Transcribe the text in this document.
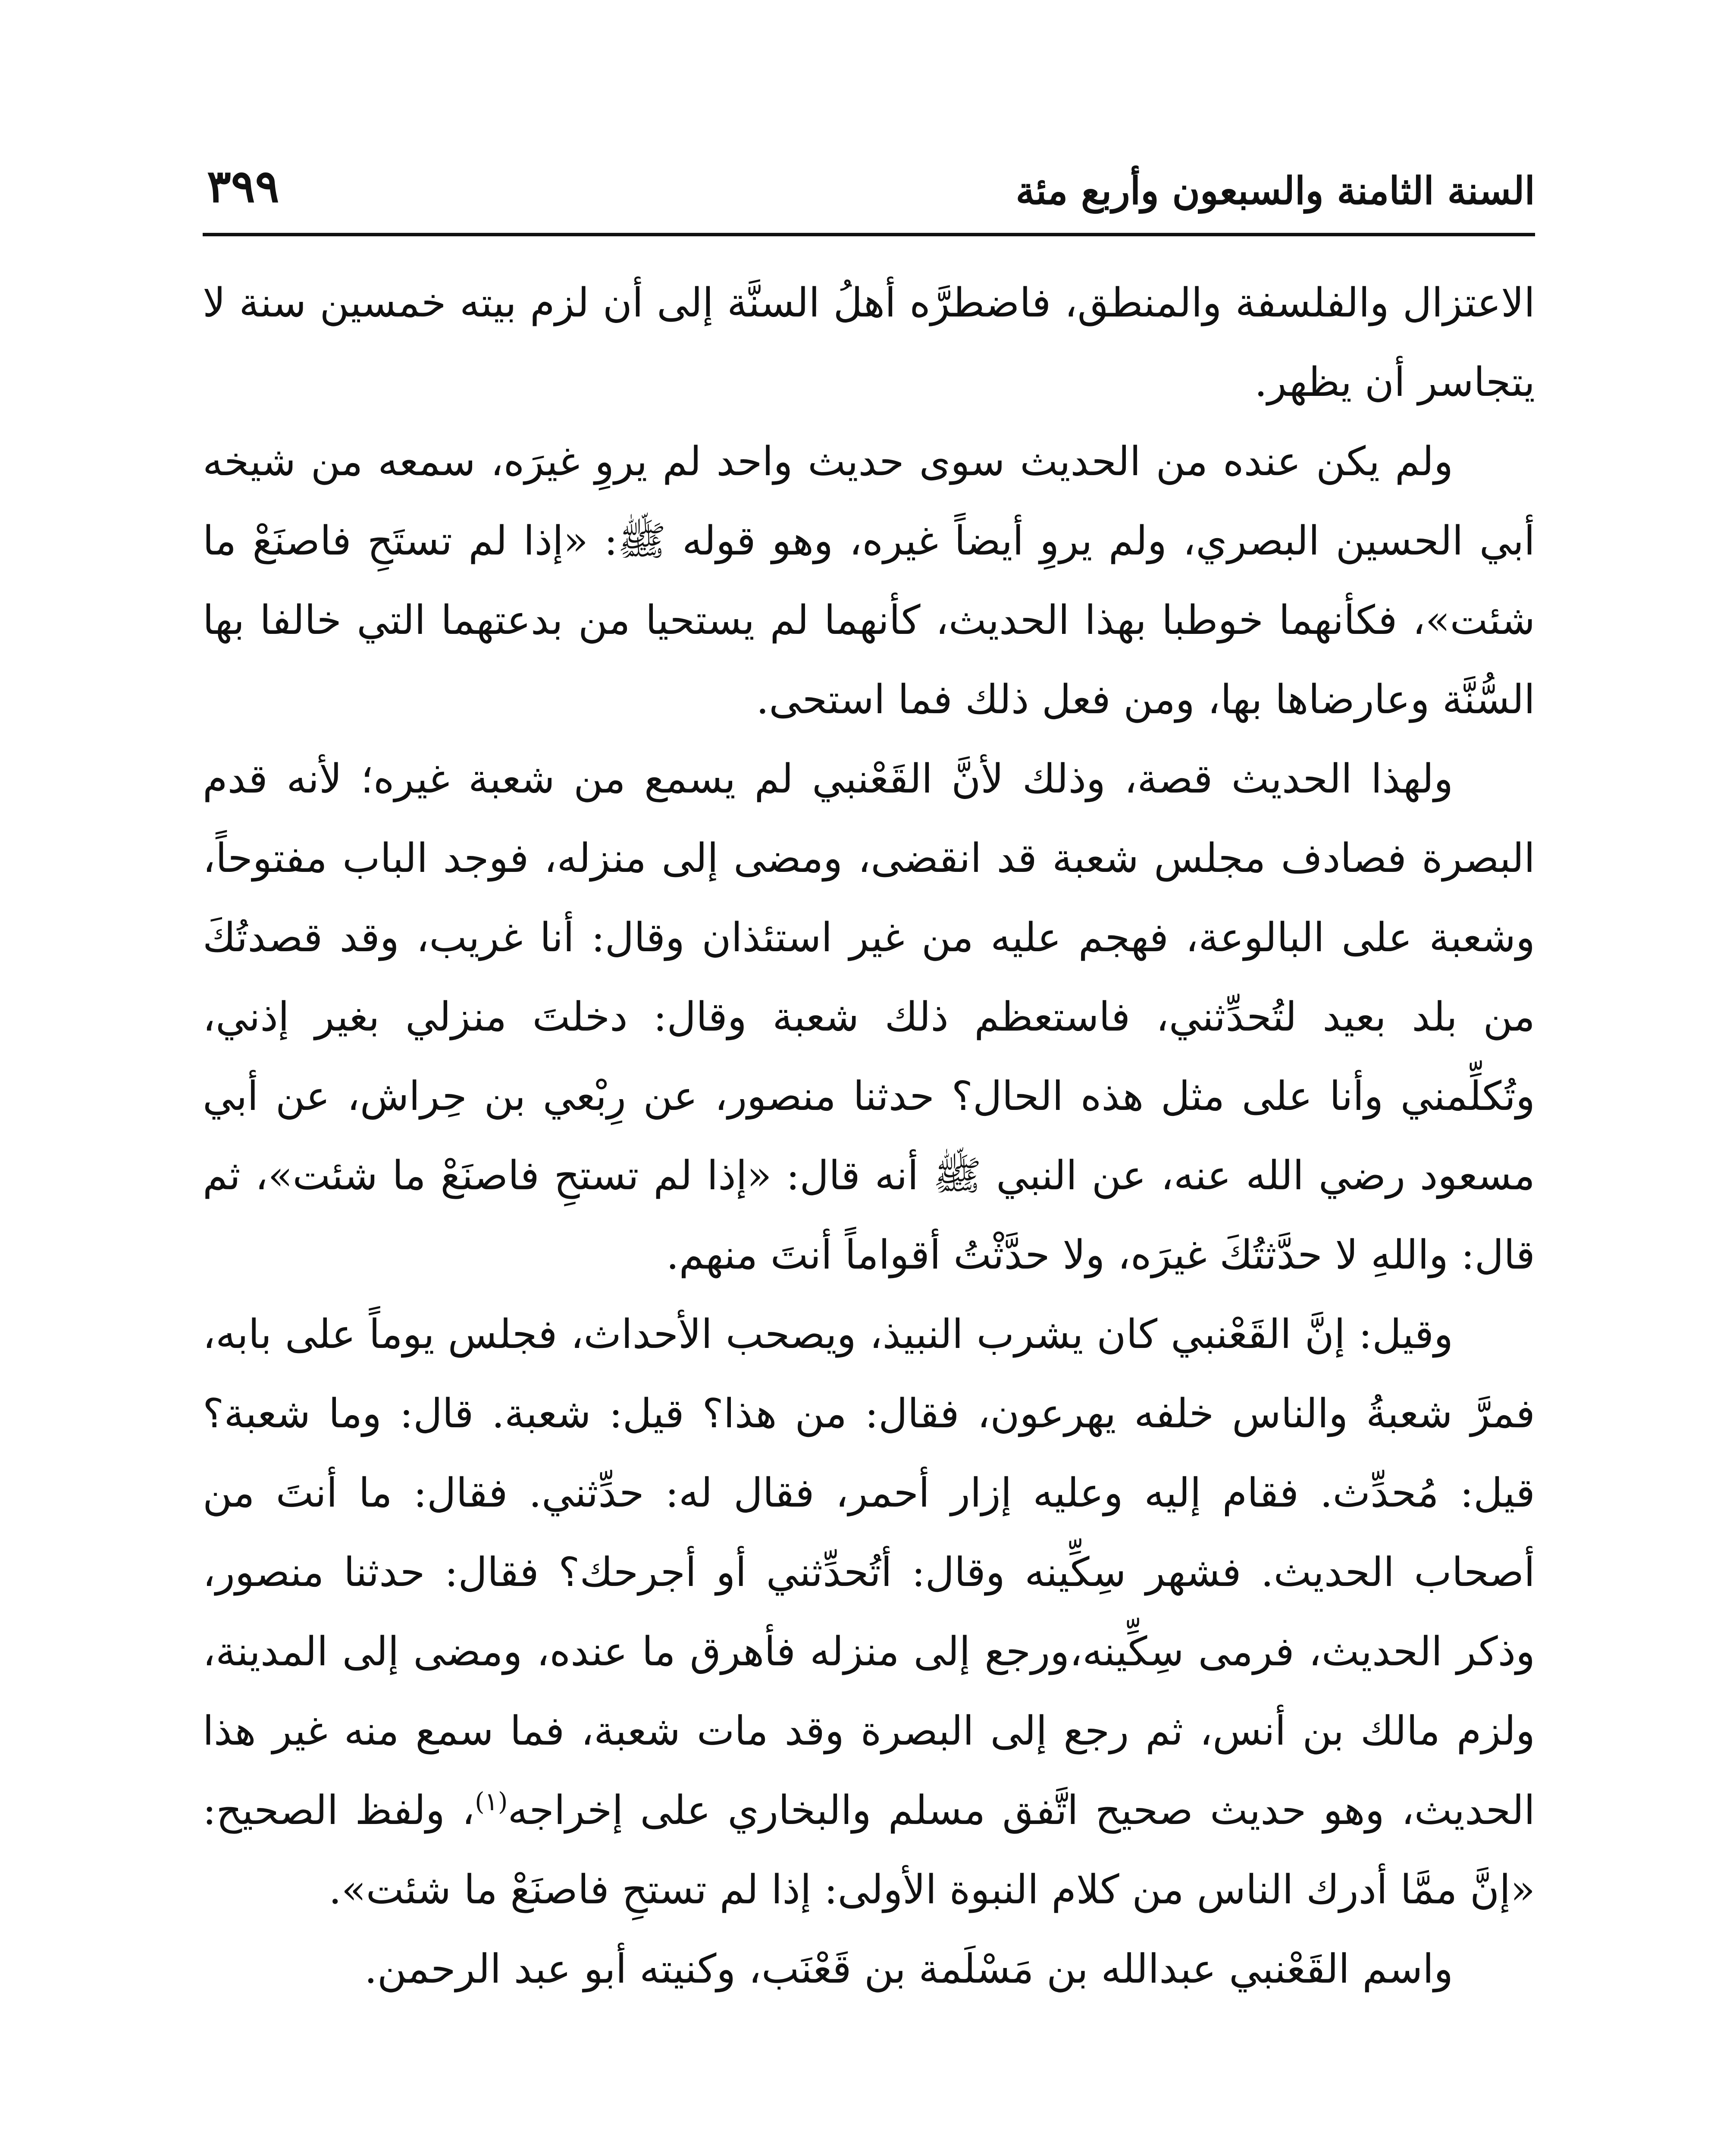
السنة الثامنة والسبعون وأربع مئة
٣٩٩

الاعتزال والفلسفة والمنطق، فاضطرَّه أهلُ السنَّة إلى أن لزم بيته خمسين سنة لا يتجاسر أن يظهر.

ولم يكن عنده من الحديث سوى حديث واحد لم يروِ غيرَه، سمعه من شيخه أبي الحسين البصري، ولم يروِ أيضاً غيره، وهو قوله ﷺ: «إذا لم تستَحِ فاصنَعْ ما شئت»، فكأنهما خوطبا بهذا الحديث، كأنهما لم يستحيا من بدعتهما التي خالفا بها السُّنَّة وعارضاها بها، ومن فعل ذلك فما استحى.

ولهذا الحديث قصة، وذلك لأنَّ القَعْنبي لم يسمع من شعبة غيره؛ لأنه قدم البصرة فصادف مجلس شعبة قد انقضى، ومضى إلى منزله، فوجد الباب مفتوحاً، وشعبة على البالوعة، فهجم عليه من غير استئذان وقال: أنا غريب، وقد قصدتُكَ من بلد بعيد لتُحدِّثني، فاستعظم ذلك شعبة وقال: دخلتَ منزلي بغير إذني، وتُكلِّمني وأنا على مثل هذه الحال؟ حدثنا منصور، عن رِبْعي بن حِراش، عن أبي مسعود رضي الله عنه، عن النبي ﷺ أنه قال: «إذا لم تستحِ فاصنَعْ ما شئت»، ثم قال: واللهِ لا حدَّثتُكَ غيرَه، ولا حدَّثْتُ أقواماً أنتَ منهم.

وقيل: إنَّ القَعْنبي كان يشرب النبيذ، ويصحب الأحداث، فجلس يوماً على بابه، فمرَّ شعبةُ والناس خلفه يهرعون، فقال: من هذا؟ قيل: شعبة. قال: وما شعبة؟ قيل: مُحدِّث. فقام إليه وعليه إزار أحمر، فقال له: حدِّثني. فقال: ما أنتَ من أصحاب الحديث. فشهر سِكِّينه وقال: أتُحدِّثني أو أجرحك؟ فقال: حدثنا منصور، وذكر الحديث، فرمى سِكِّينه،ورجع إلى منزله فأهرق ما عنده، ومضى إلى المدينة، ولزم مالك بن أنس، ثم رجع إلى البصرة وقد مات شعبة، فما سمع منه غير هذا الحديث، وهو حديث صحيح اتَّفق مسلم والبخاري على إخراجه$^{(١)}$، ولفظ الصحيح: «إنَّ ممَّا أدرك الناس من كلام النبوة الأولى: إذا لم تستحِ فاصنَعْ ما شئت».

واسم القَعْنبي عبدالله بن مَسْلَمة بن قَعْنَب، وكنيته أبو عبد الرحمن.
